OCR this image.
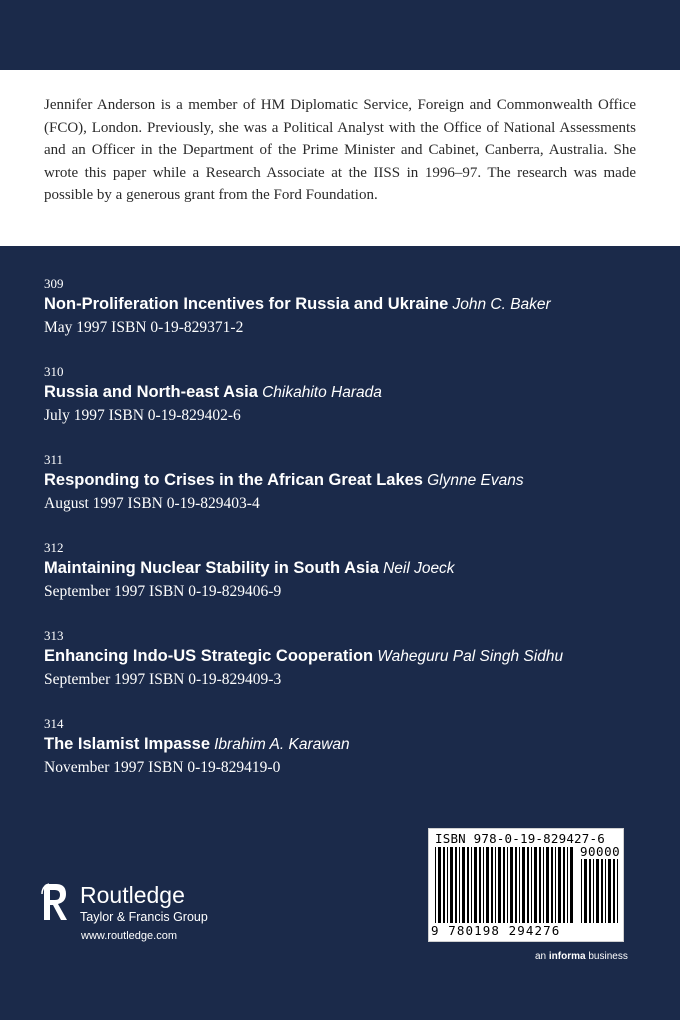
Jennifer Anderson is a member of HM Diplomatic Service, Foreign and Commonwealth Office (FCO), London. Previously, she was a Political Analyst with the Office of National Assessments and an Officer in the Department of the Prime Minister and Cabinet, Canberra, Australia. She wrote this paper while a Research Associate at the IISS in 1996–97. The research was made possible by a generous grant from the Ford Foundation.

309
Non-Proliferation Incentives for Russia and Ukraine John C. Baker
May 1997 ISBN 0-19-829371-2
310
Russia and North-east Asia Chikahito Harada
July 1997 ISBN 0-19-829402-6
311
Responding to Crises in the African Great Lakes Glynne Evans
August 1997 ISBN 0-19-829403-4
312
Maintaining Nuclear Stability in South Asia Neil Joeck
September 1997 ISBN 0-19-829406-9
313
Enhancing Indo-US Strategic Cooperation Waheguru Pal Singh Sidhu
September 1997 ISBN 0-19-829409-3
314
The Islamist Impasse Ibrahim A. Karawan
November 1997 ISBN 0-19-829419-0
Routledge
Taylor & Francis Group
www.routledge.com
ISBN 978-0-19-829427-6
90000
9 780198 294276
an informa business
